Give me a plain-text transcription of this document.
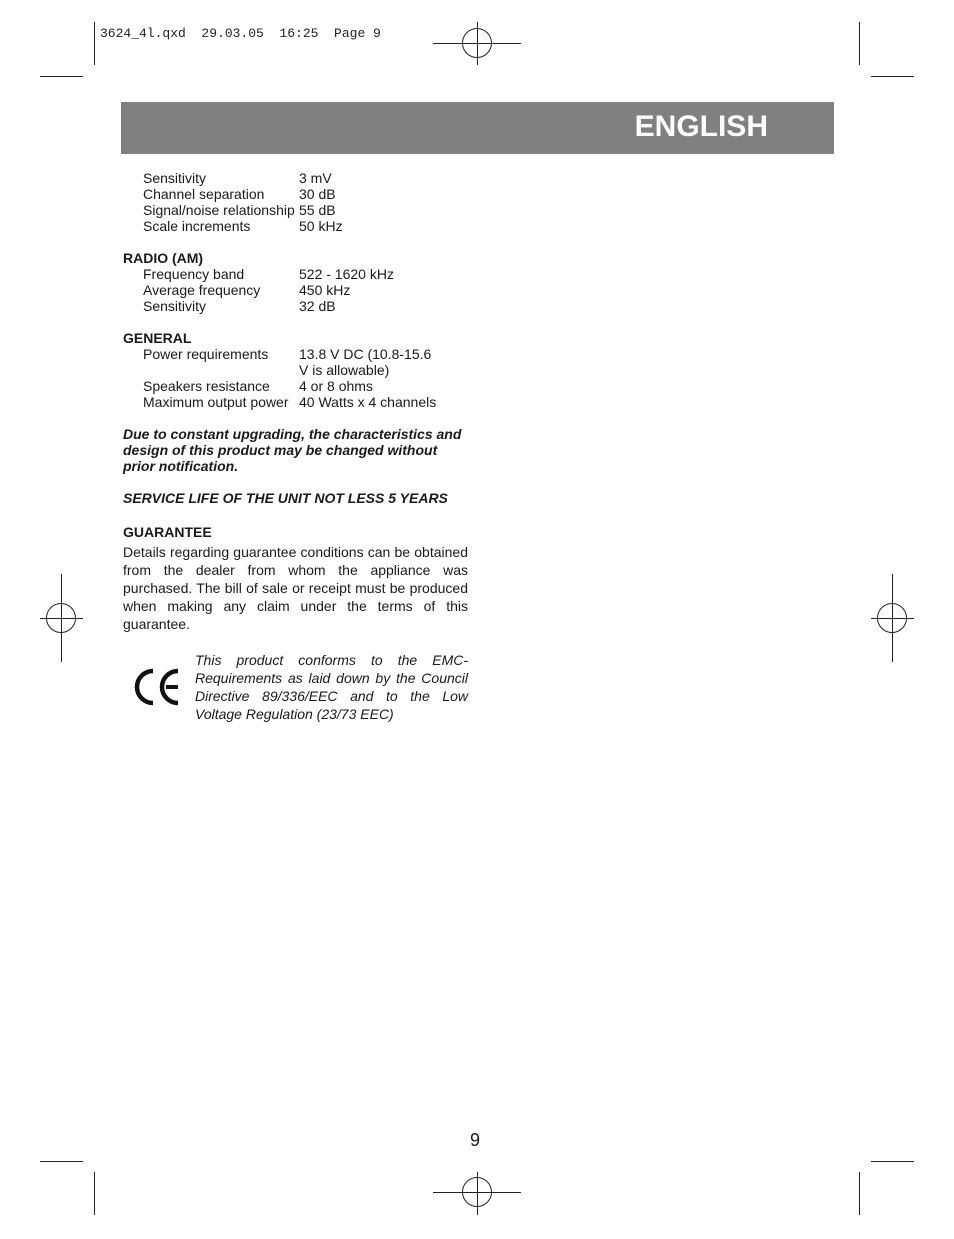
3624_4l.qxd  29.03.05  16:25  Page 9
ENGLISH
Sensitivity	3 mV
Channel separation	30 dB
Signal/noise relationship 55 dB
Scale increments	50 kHz
RADIO (AM)
Frequency band	522 - 1620 kHz
Average frequency	450 kHz
Sensitivity	32 dB
GENERAL
Power requirements	13.8 V DC (10.8-15.6
V is allowable)
Speakers resistance	4 or 8 ohms
Maximum output power 40 Watts x 4 channels
Due to constant upgrading, the characteristics and design of this product may be changed without prior notification.
SERVICE LIFE OF THE UNIT NOT LESS 5 YEARS
GUARANTEE
Details regarding guarantee conditions can be obtained from the dealer from whom the appliance was purchased. The bill of sale or receipt must be produced when making any claim under the terms of this guarantee.
This product conforms to the EMC-Requirements as laid down by the Council Directive 89/336/EEC and to the Low Voltage Regulation (23/73 EEC)
9
